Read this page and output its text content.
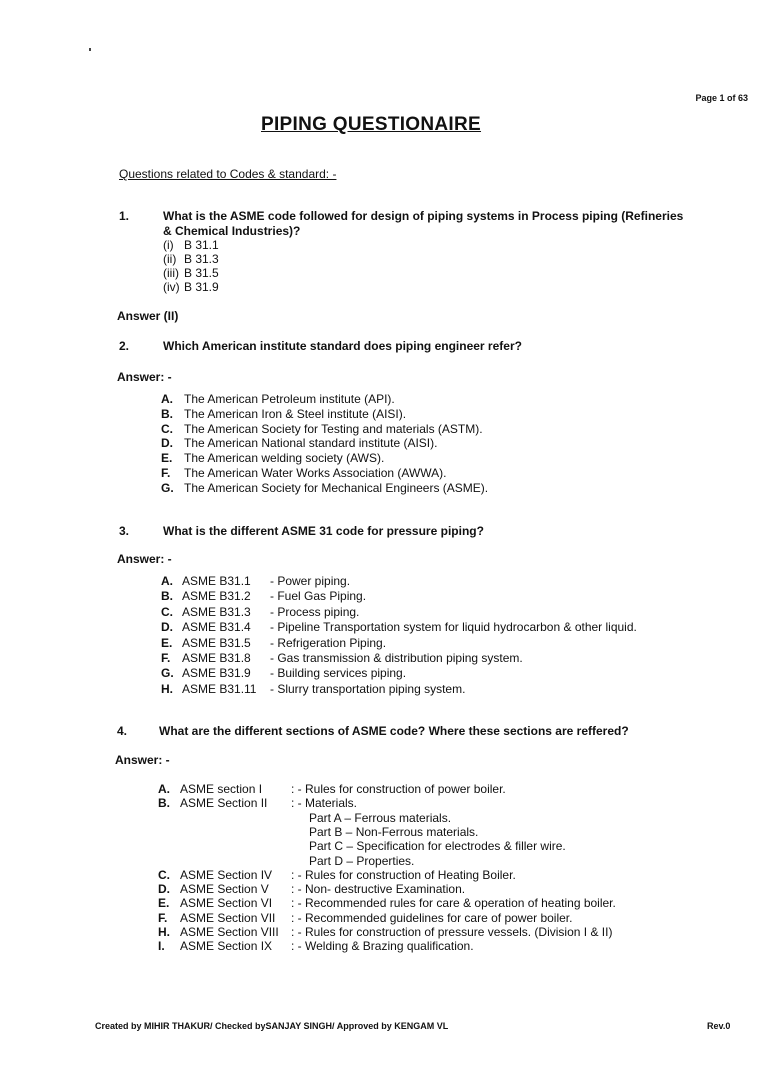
Page 1 of 63
PIPING QUESTIONAIRE
Questions related to Codes & standard: -
1.	What is the ASME code followed for design of piping systems in Process piping (Refineries
& Chemical Industries)?
(i) B 31.1
(ii) B 31.3
(iii) B 31.5
(iv) B 31.9
Answer (II)
2.	Which American institute standard does piping engineer refer?
Answer: -
A. The American Petroleum institute (API).
B. The American Iron & Steel institute (AISI).
C. The American Society for Testing and materials (ASTM).
D. The American National standard institute (AISI).
E. The American welding society (AWS).
F. The American Water Works Association (AWWA).
G. The American Society for Mechanical Engineers (ASME).
3.	What is the different ASME 31 code for pressure piping?
Answer: -
A. ASME B31.1 - Power piping.
B. ASME B31.2 - Fuel Gas Piping.
C. ASME B31.3 - Process piping.
D. ASME B31.4 - Pipeline Transportation system for liquid hydrocarbon & other liquid.
E. ASME B31.5 - Refrigeration Piping.
F. ASME B31.8 - Gas transmission & distribution piping system.
G. ASME B31.9 - Building services piping.
H. ASME B31.11 - Slurry transportation piping system.
4.	What are the different sections of ASME code? Where these sections are reffered?
Answer: -
A. ASME section I : - Rules for construction of power boiler.
B. ASME Section II : - Materials.
Part A – Ferrous materials.
Part B – Non-Ferrous materials.
Part C – Specification for electrodes & filler wire.
Part D – Properties.
C. ASME Section IV : - Rules for construction of Heating Boiler.
D. ASME Section V : - Non- destructive Examination.
E. ASME Section VI : - Recommended rules for care & operation of heating boiler.
F. ASME Section VII : - Recommended guidelines for care of power boiler.
H. ASME Section VIII : - Rules for construction of pressure vessels. (Division I & II)
I. ASME Section IX : - Welding & Brazing qualification.
Created by MIHIR THAKUR/ Checked bySANJAY SINGH/ Approved by KENGAM VL	Rev.0
